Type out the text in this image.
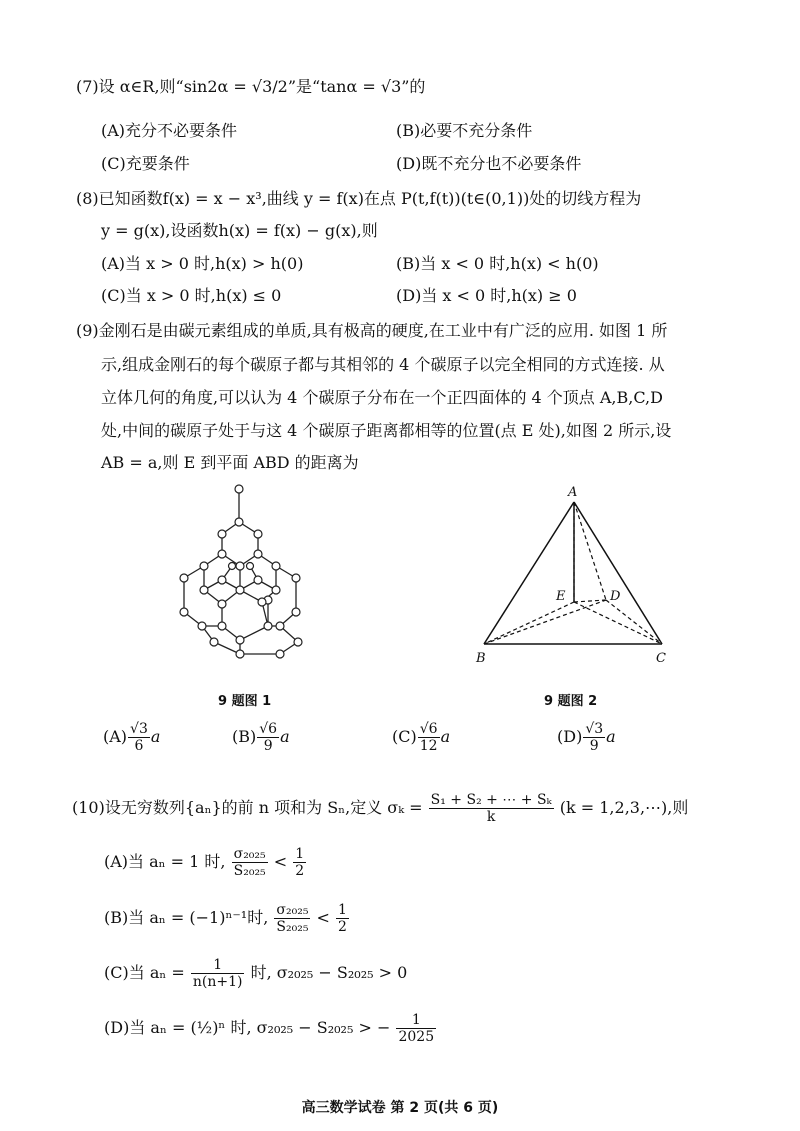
(7)设 α∈R,则“sin2α = √3/2”是“tanα = √3”的
(A)充分不必要条件	(B)必要不充分条件
(C)充要条件	(D)既不充分也不必要条件
(8)已知函数f(x) = x − x³,曲线 y = f(x)在点 P(t,f(t))(t∈(0,1))处的切线方程为
y = g(x),设函数h(x) = f(x) − g(x),则
(A)当 x > 0 时,h(x) > h(0)	(B)当 x < 0 时,h(x) < h(0)
(C)当 x > 0 时,h(x) ≤ 0	(D)当 x < 0 时,h(x) ≥ 0
(9)金刚石是由碳元素组成的单质,具有极高的硬度,在工业中有广泛的应用. 如图 1 所
示,组成金刚石的每个碳原子都与其相邻的 4 个碳原子以完全相同的方式连接. 从
立体几何的角度,可以认为 4 个碳原子分布在一个正四面体的 4 个顶点 A,B,C,D
处,中间的碳原子处于与这 4 个碳原子距离都相等的位置(点 E 处),如图 2 所示,设
AB = a,则 E 到平面 ABD 的距离为
9 题图 1
A
B	C
D
E
9 题图 2
$(A) \frac{√3}{6}$ a	$(B) \frac{√6}{9}$ a	$(C) \frac{√6}{12}$ a	$(D) \frac{√3}{9}$ a
(10)设无穷数列{aₙ}的前 n 项和为 Sₙ,定义 $\sigma_k = \frac{\text{S₁ + S₂ + ⋯ + Sₖ}}{k} (k$ = 1,2,3,⋯),则
(A)当 aₙ = 1 时, $\frac{\text{σ₂₀₂₅}}{\text{S₂₀₂₅}} < \frac{1}{2}$
(B)当 aₙ = (−1)ⁿ⁻¹时, $\frac{\text{σ₂₀₂₅}}{\text{S₂₀₂₅}} < \frac{1}{2}$
(C)当 $a_n = \frac{1}{n(n+1)}$ 时, σ₂₀₂₅ − S₂₀₂₅ > 0
(D)当 aₙ = (½)ⁿ 时, σ₂₀₂₅ − S₂₀₂₅ > − $\frac{1}{2025}$
高三数学试卷 第 2 页(共 6 页)
